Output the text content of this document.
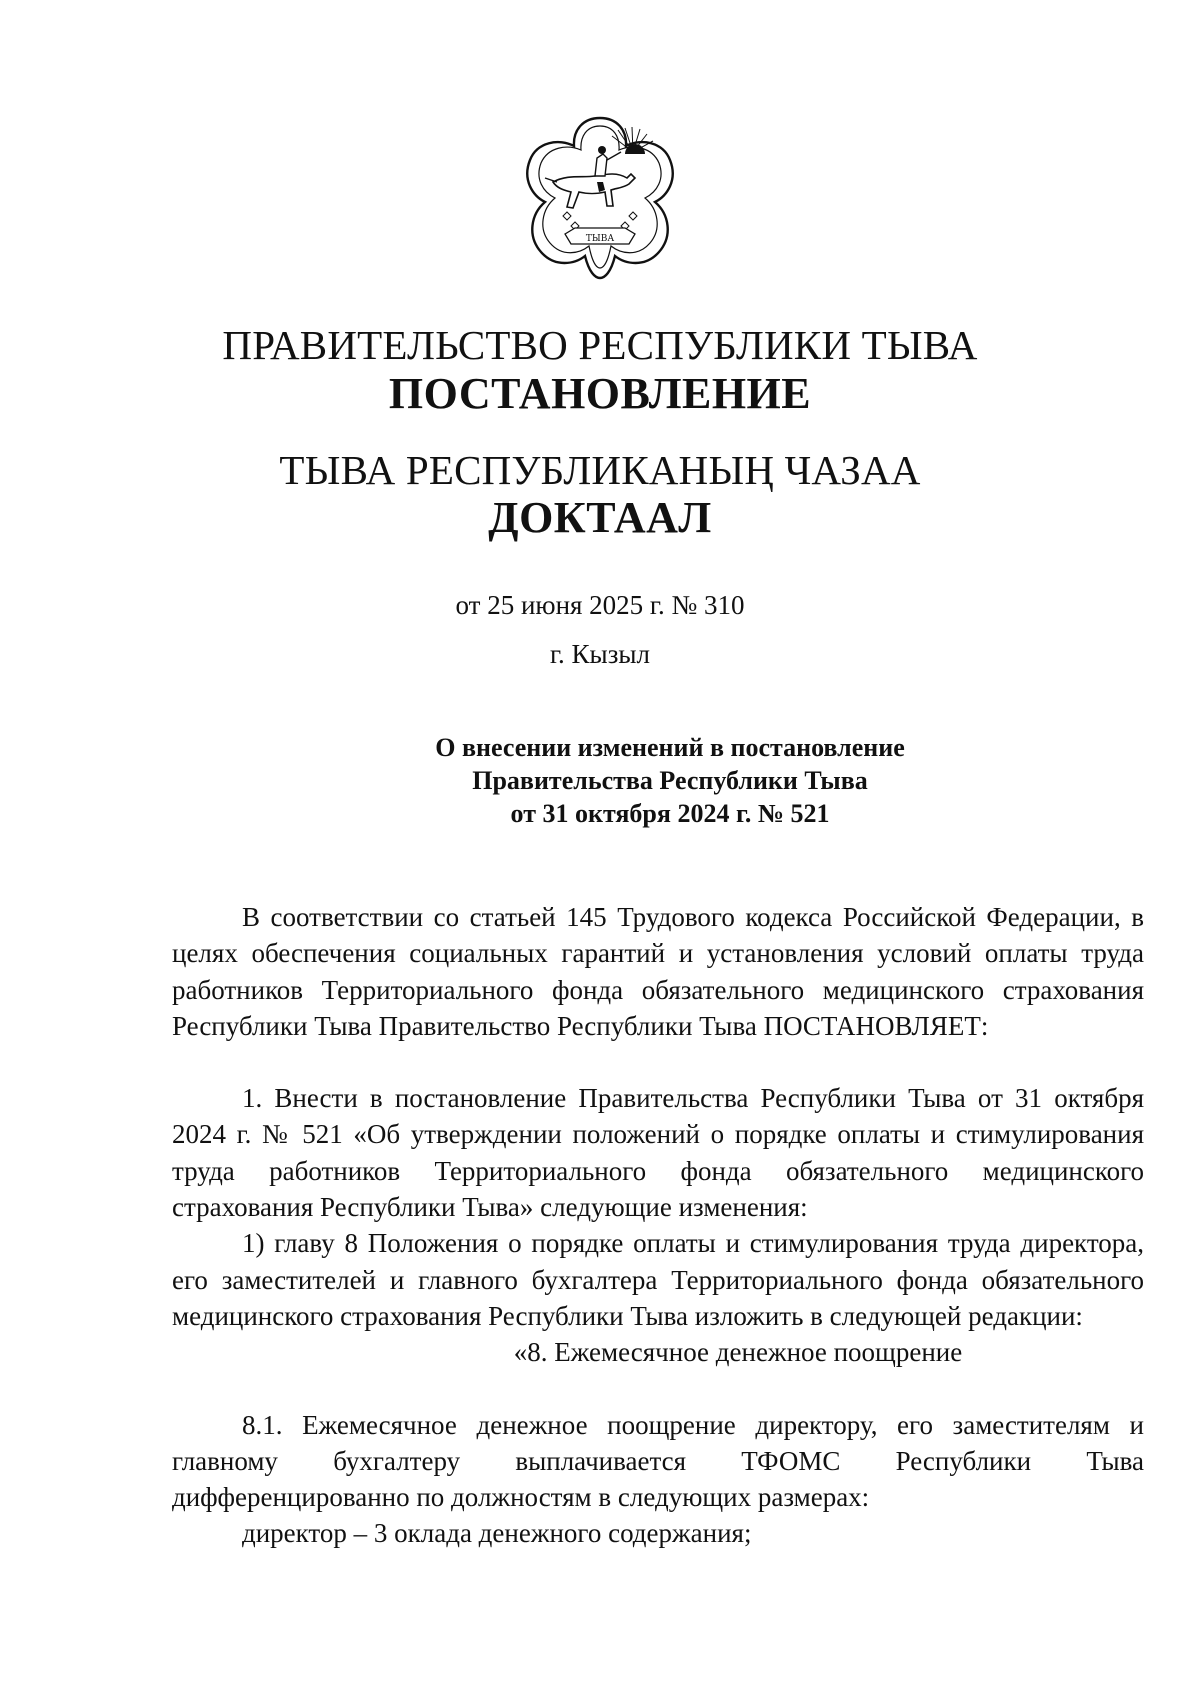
ТЫВА
ПРАВИТЕЛЬСТВО РЕСПУБЛИКИ ТЫВА
ПОСТАНОВЛЕНИЕ
ТЫВА РЕСПУБЛИКАНЫҢ ЧАЗАА
ДОКТААЛ
от 25 июня 2025 г. № 310
г. Кызыл
О внесении изменений в постановление
Правительства Республики Тыва
от 31 октября 2024 г. № 521

В соответствии со статьей 145 Трудового кодекса Российской Федерации, в целях обеспечения социальных гарантий и установления условий оплаты труда работников Территориального фонда обязательного медицинского страхования Республики Тыва Правительство Республики Тыва ПОСТАНОВЛЯЕТ:

1. Внести в постановление Правительства Республики Тыва от 31 октября 2024 г. № 521 «Об утверждении положений о порядке оплаты и стимулирования труда работников Территориального фонда обязательного медицинского страхования Республики Тыва» следующие изменения:

1) главу 8 Положения о порядке оплаты и стимулирования труда директора, его заместителей и главного бухгалтера Территориального фонда обязательного медицинского страхования Республики Тыва изложить в следующей редакции:

«8. Ежемесячное денежное поощрение

8.1. Ежемесячное денежное поощрение директору, его заместителям и главному бухгалтеру выплачивается ТФОМС Республики Тыва дифференцированно по должностям в следующих размерах:

директор – 3 оклада денежного содержания;
